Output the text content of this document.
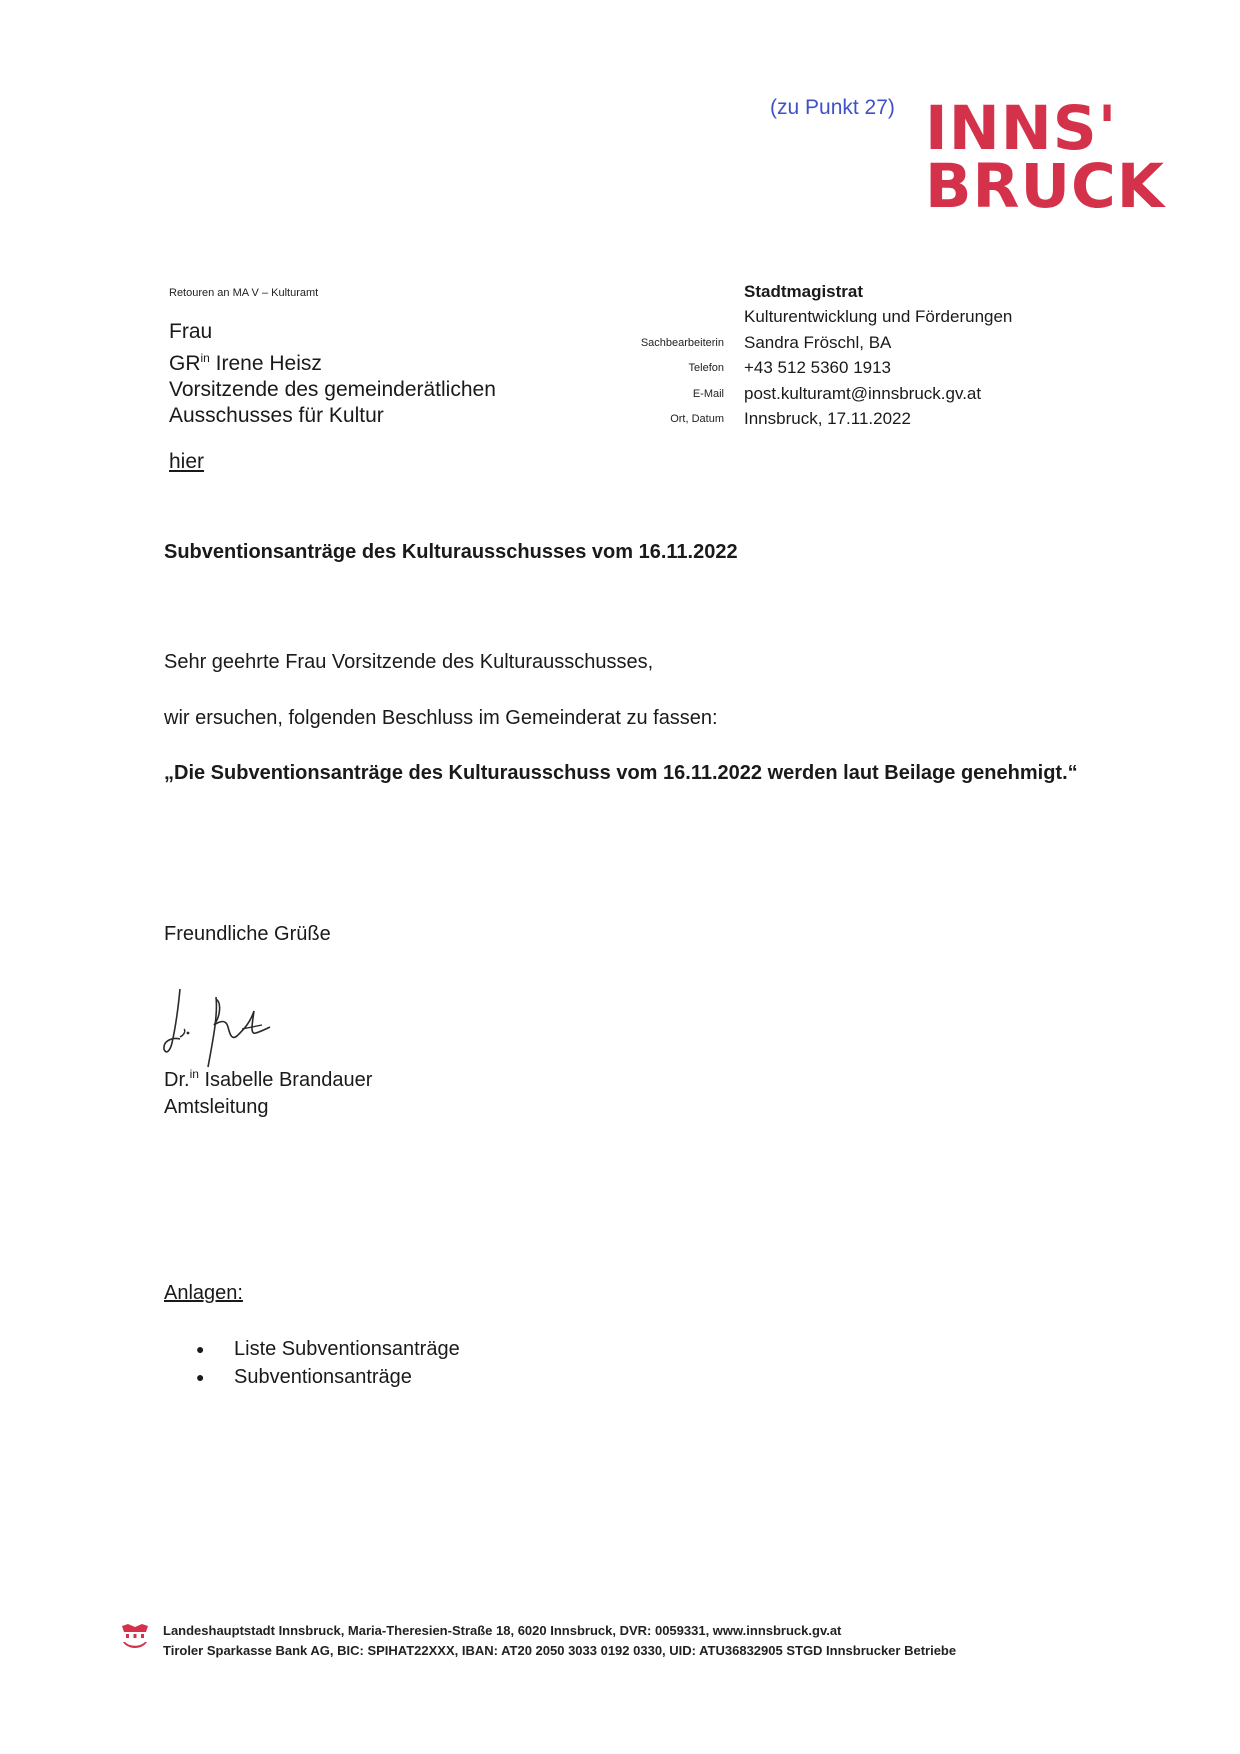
(zu Punkt 27) INNS'
BRUCK
Retouren an MA V – Kulturamt
Frau
$GR^{in}$ Irene Heisz
Vorsitzende des gemeinderätlichen
Ausschusses für Kultur
hier
Stadtmagistrat
Kulturentwicklung und Förderungen
Sachbearbeiterin	Sandra Fröschl, BA
Telefon	+43 512 5360 1913
E-Mail	post.kulturamt@innsbruck.gv.at
Ort, Datum	Innsbruck, 17.11.2022
Subventionsanträge des Kulturausschusses vom 16.11.2022
Sehr geehrte Frau Vorsitzende des Kulturausschusses,
wir ersuchen, folgenden Beschluss im Gemeinderat zu fassen:
„Die Subventionsanträge des Kulturausschuss vom 16.11.2022 werden laut Beilage genehmigt.“
Freundliche Grüße
Dr.$^{in}$ Isabelle Brandauer
Amtsleitung
Anlagen:
●	Liste Subventionsanträge
●	Subventionsanträge
Landeshauptstadt Innsbruck, Maria-Theresien-Straße 18, 6020 Innsbruck, DVR: 0059331, www.innsbruck.gv.at
Tiroler Sparkasse Bank AG, BIC: SPIHAT22XXX, IBAN: AT20 2050 3033 0192 0330, UID: ATU36832905 STGD Innsbrucker Betriebe
